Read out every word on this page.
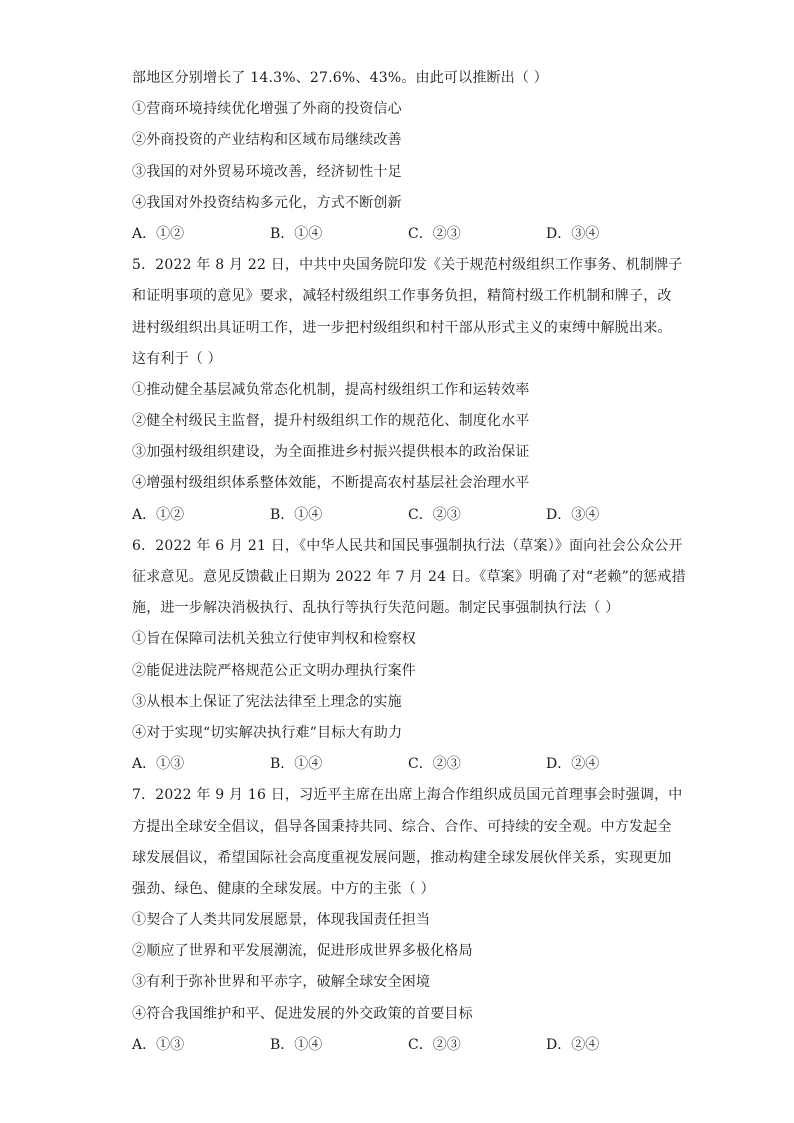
部地区分别增长了 14.3%、27.6%、43%。由此可以推断出（ ）
①营商环境持续优化增强了外商的投资信心
②外商投资的产业结构和区域布局继续改善
③我国的对外贸易环境改善，经济韧性十足
④我国对外投资结构多元化，方式不断创新
A．①②	B．①④	C．②③	D．③④
5．2022 年 8 月 22 日，中共中央国务院印发《关于规范村级组织工作事务、机制牌子
和证明事项的意见》要求，减轻村级组织工作事务负担，精简村级工作机制和牌子，改
进村级组织出具证明工作，进一步把村级组织和村干部从形式主义的束缚中解脱出来。
这有利于（ ）
①推动健全基层减负常态化机制，提高村级组织工作和运转效率
②健全村级民主监督，提升村级组织工作的规范化、制度化水平
③加强村级组织建设，为全面推进乡村振兴提供根本的政治保证
④增强村级组织体系整体效能，不断提高农村基层社会治理水平
A．①②	B．①④	C．②③	D．③④
6．2022 年 6 月 21 日，《中华人民共和国民事强制执行法（草案）》面向社会公众公开
征求意见。意见反馈截止日期为 2022 年 7 月 24 日。《草案》明确了对“老赖”的惩戒措
施，进一步解决消极执行、乱执行等执行失范问题。制定民事强制执行法（ ）
①旨在保障司法机关独立行使审判权和检察权
②能促进法院严格规范公正文明办理执行案件
③从根本上保证了宪法法律至上理念的实施
④对于实现“切实解决执行难”目标大有助力
A．①③	B．①④	C．②③	D．②④
7．2022 年 9 月 16 日，习近平主席在出席上海合作组织成员国元首理事会时强调，中
方提出全球安全倡议，倡导各国秉持共同、综合、合作、可持续的安全观。中方发起全
球发展倡议，希望国际社会高度重视发展问题，推动构建全球发展伙伴关系，实现更加
强劲、绿色、健康的全球发展。中方的主张（ ）
①契合了人类共同发展愿景，体现我国责任担当
②顺应了世界和平发展潮流，促进形成世界多极化格局
③有利于弥补世界和平赤字，破解全球安全困境
④符合我国维护和平、促进发展的外交政策的首要目标
A．①③	B．①④	C．②③	D．②④
